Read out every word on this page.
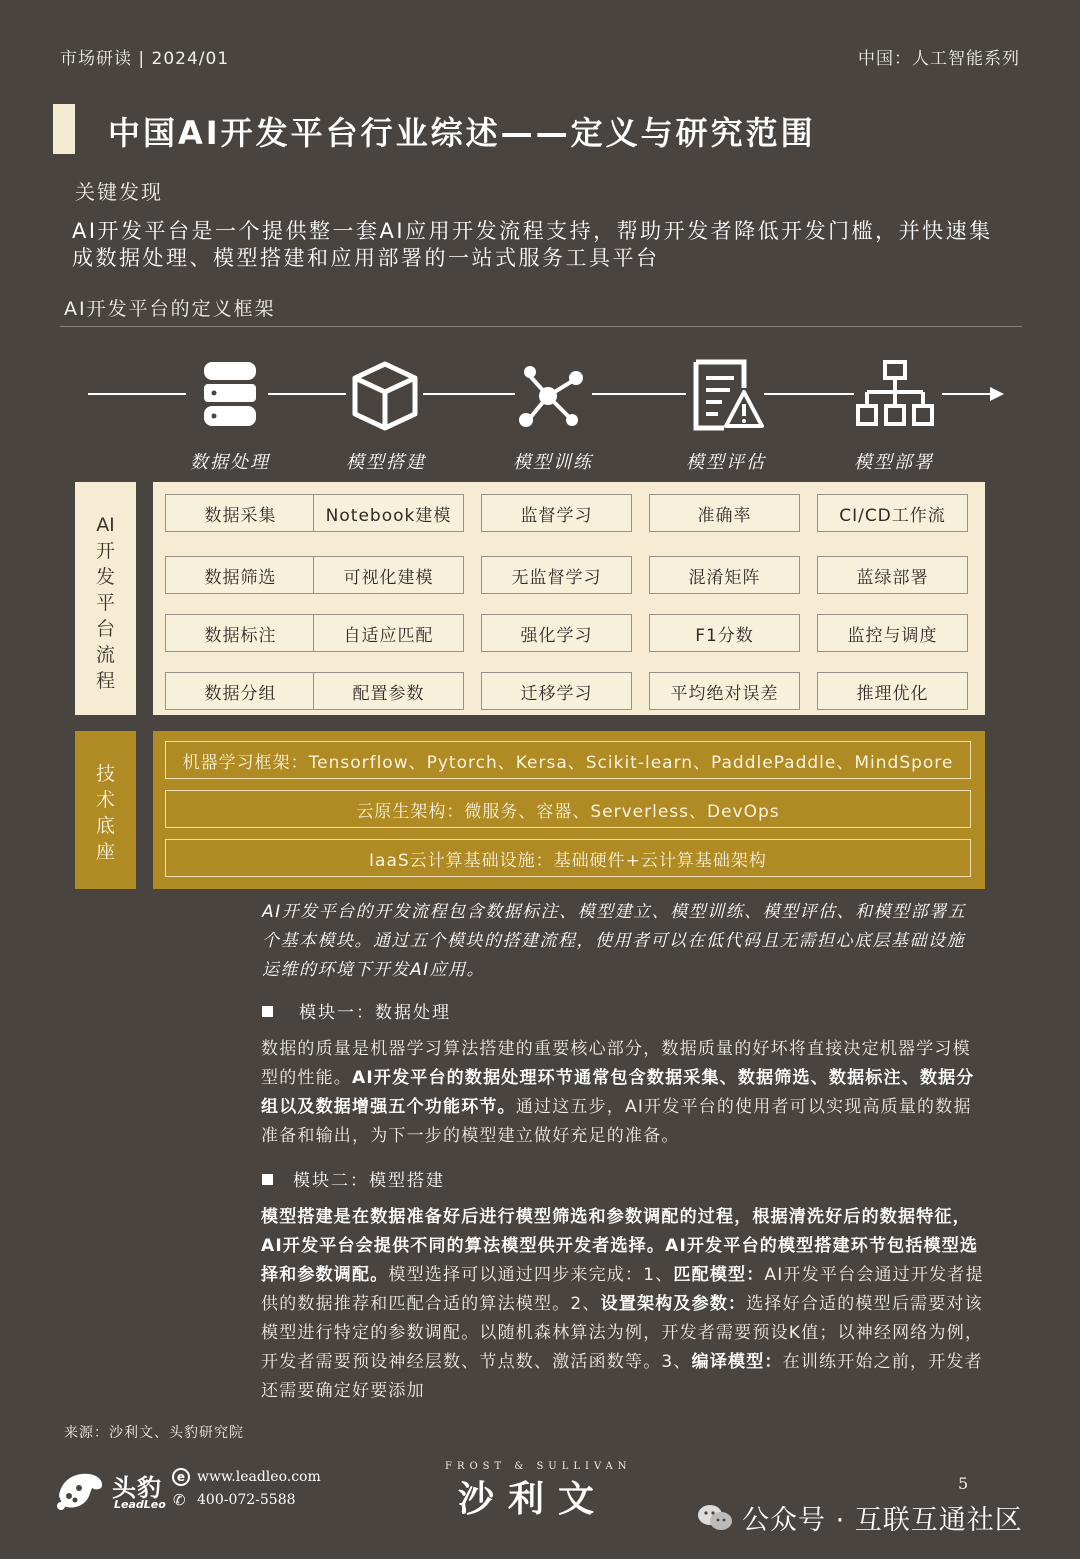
市场研读 | 2024/01	中国：人工智能系列
中国AI开发平台行业综述——定义与研究范围
关键发现
AI开发平台是一个提供整一套AI应用开发流程支持，帮助开发者降低开发门槛，并快速集成数据处理、模型搭建和应用部署的一站式服务工具平台
AI开发平台的定义框架
数据处理	模型搭建	模型训练	模型评估	模型部署
AI
开
发
平
台
流
程
数据采集	Notebook建模	监督学习	准确率	CI/CD工作流
数据筛选	可视化建模	无监督学习	混淆矩阵	蓝绿部署
数据标注	自适应匹配	强化学习	F1分数	监控与调度
数据分组	配置参数	迁移学习	平均绝对误差	推理优化
技
术
底
座
机器学习框架：Tensorflow、Pytorch、Kersa、Scikit-learn、PaddlePaddle、MindSpore
云原生架构：微服务、容器、Serverless、DevOps
IaaS云计算基础设施：基础硬件+云计算基础架构
AI开发平台的开发流程包含数据标注、模型建立、模型训练、模型评估、和模型部署五个基本模块。通过五个模块的搭建流程，使用者可以在低代码且无需担心底层基础设施运维的环境下开发AI应用。
模块一：数据处理
数据的质量是机器学习算法搭建的重要核心部分，数据质量的好坏将直接决定机器学习模型的性能。AI开发平台的数据处理环节通常包含数据采集、数据筛选、数据标注、数据分组以及数据增强五个功能环节。通过这五步，AI开发平台的使用者可以实现高质量的数据准备和输出，为下一步的模型建立做好充足的准备。
模块二：模型搭建
模型搭建是在数据准备好后进行模型筛选和参数调配的过程，根据清洗好后的数据特征，AI开发平台会提供不同的算法模型供开发者选择。AI开发平台的模型搭建环节包括模型选择和参数调配。模型选择可以通过四步来完成：1、匹配模型：AI开发平台会通过开发者提供的数据推荐和匹配合适的算法模型。2、设置架构及参数：选择好合适的模型后需要对该模型进行特定的参数调配。以随机森林算法为例，开发者需要预设K值；以神经网络为例，开发者需要预设神经层数、节点数、激活函数等。3、编译模型：在训练开始之前，开发者还需要确定好要添加
来源：沙利文、头豹研究院
头豹
LeadLeo
e www.leadleo.com
✆ 400-072-5588
FROST & SULLIVAN
沙利文	5
公众号 · 互联互通社区
